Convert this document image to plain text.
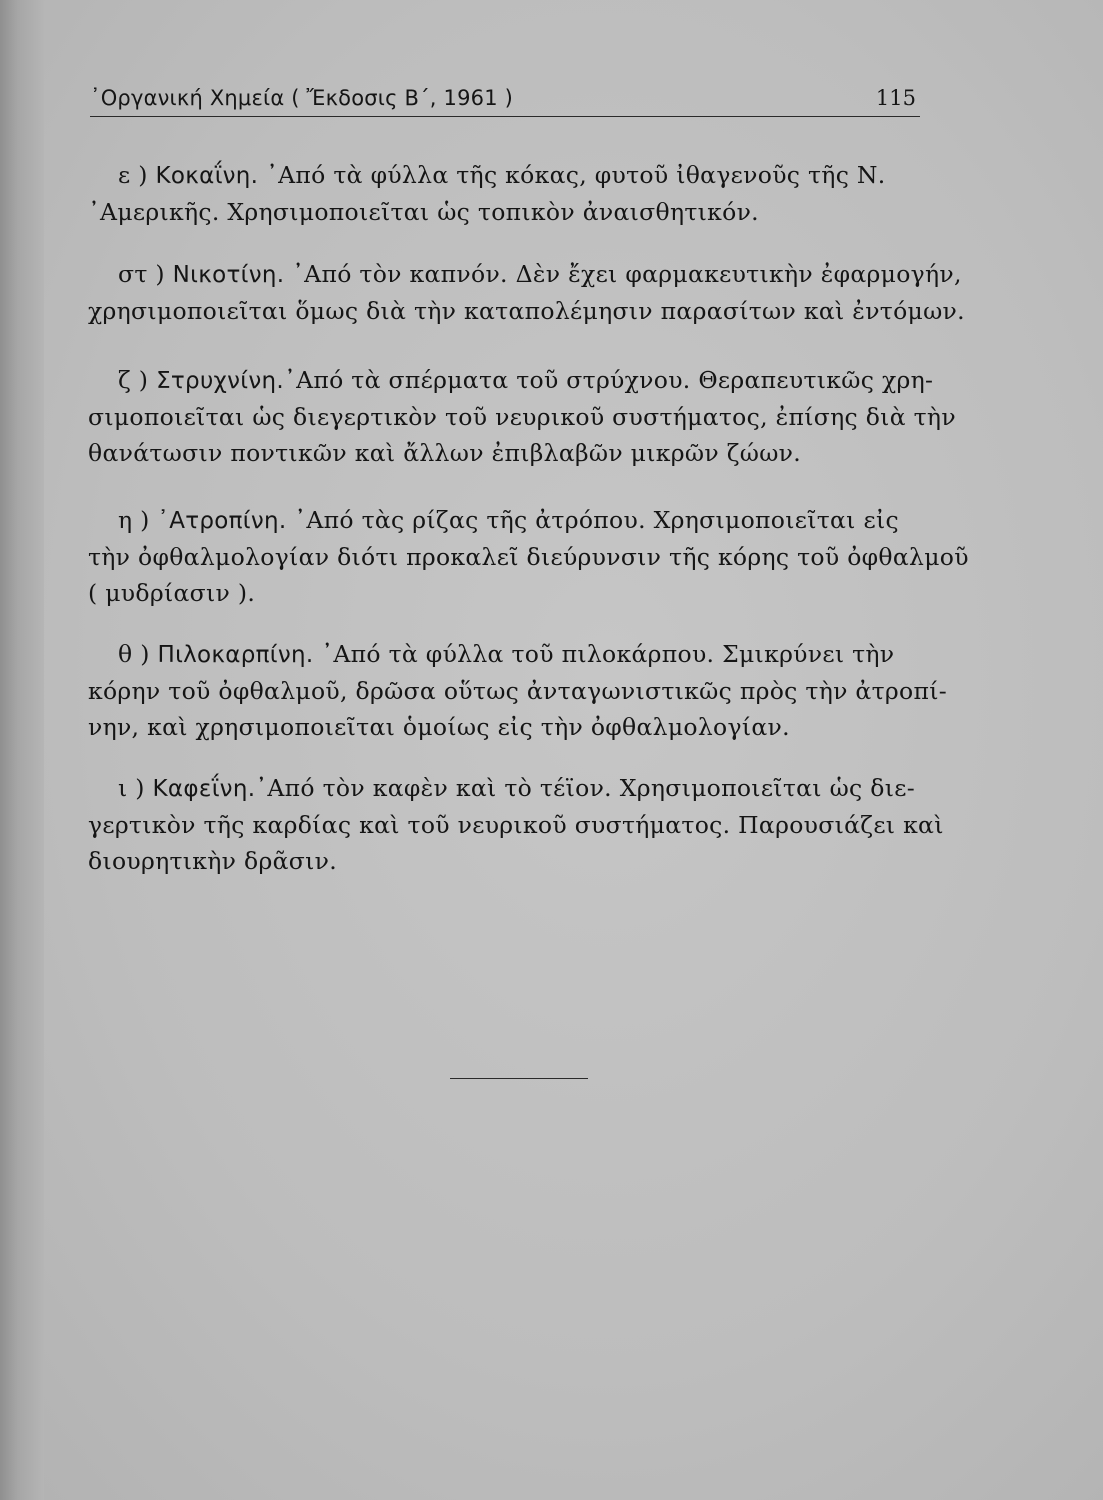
᾿Οργανική Χημεία ( Ἔκδοσις Β΄, 1961 )	115

ε ) Κοκαΐνη. ᾿Από τὰ φύλλα τῆς κόκας, φυτοῦ ἰθαγενοῦς τῆς Ν.
᾿Αμερικῆς. Χρησιμοποιεῖται ὡς τοπικὸν ἀναισθητικόν.

στ ) Νικοτίνη. ᾿Από τὸν καπνόν. Δὲν ἔχει φαρμακευτικὴν ἐφαρμογήν,
χρησιμοποιεῖται ὅμως διὰ τὴν καταπολέμησιν παρασίτων καὶ ἐντόμων.

ζ ) Στρυχνίνη.᾿Από τὰ σπέρματα τοῦ στρύχνου. Θεραπευτικῶς χρη-
σιμοποιεῖται ὡς διεγερτικὸν τοῦ νευρικοῦ συστήματος, ἐπίσης διὰ τὴν
θανάτωσιν ποντικῶν καὶ ἄλλων ἐπιβλαβῶν μικρῶν ζώων.

η ) ᾿Ατροπίνη. ᾿Από τὰς ρίζας τῆς ἀτρόπου. Χρησιμοποιεῖται εἰς
τὴν ὀφθαλμολογίαν διότι προκαλεῖ διεύρυνσιν τῆς κόρης τοῦ ὀφθαλμοῦ
( μυδρίασιν ).

θ ) Πιλοκαρπίνη. ᾿Από τὰ φύλλα τοῦ πιλοκάρπου. Σμικρύνει τὴν
κόρην τοῦ ὀφθαλμοῦ, δρῶσα οὕτως ἀνταγωνιστικῶς πρὸς τὴν ἀτροπί-
νην, καὶ χρησιμοποιεῖται ὁμοίως εἰς τὴν ὀφθαλμολογίαν.

ι ) Καφεΐνη.᾿Από τὸν καφὲν καὶ τὸ τέϊον. Χρησιμοποιεῖται ὡς διε-
γερτικὸν τῆς καρδίας καὶ τοῦ νευρικοῦ συστήματος. Παρουσιάζει καὶ
διουρητικὴν δρᾶσιν.
